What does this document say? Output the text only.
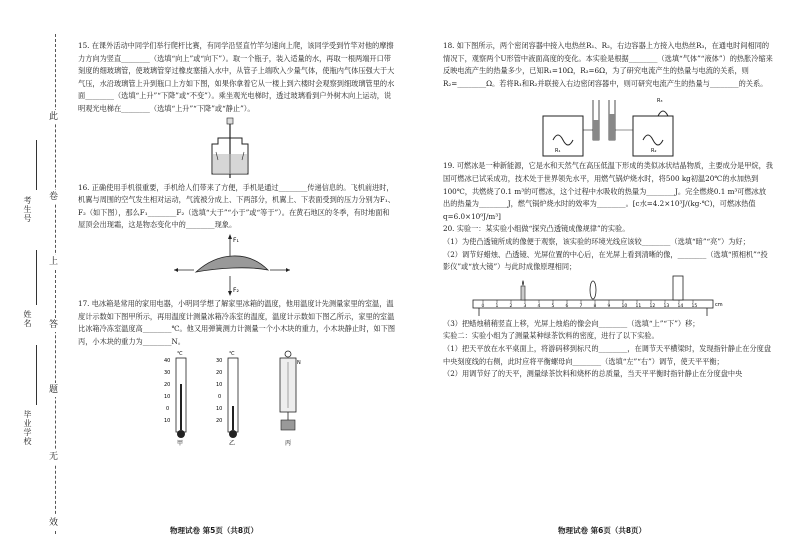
此
卷
上
答
题
无
效
考生号
姓名
毕业学校

15. 在课外活动中同学们举行爬杆比赛，有同学沿竖直竹竿匀速向上爬，该同学受到竹竿对他的摩擦力方向为竖直________（选填“向上”或“向下”）。取一个瓶子，装入适量的水，再取一根两端开口带刻度的细玻璃管，使玻璃管穿过橡皮塞插入水中，从管子上端吹入少量气体，使瓶内气体压强大于大气压，水沿玻璃管上升到瓶口上方如下图，如果你拿着它从一楼上到六楼时会观察到细玻璃管里的水面________（选填“上升”“下降”或“不变”）。乘坐观光电梯时，透过玻璃看到户外树木向上运动，说明观光电梯在________（选填“上升”“下降”或“静止”）。

16. 正确使用手机很重要，手机给人们带来了方便，手机是通过________传递信息的。飞机前进时，机翼与周围的空气发生相对运动，气流被分成上、下两部分，机翼上、下表面受到的压力分别为F₁、F₂（如下图），那么F₁________F₂（选填“大于”“小于”或“等于”）。在黄石地区的冬季，有时地面和屋顶会出现霜，这是物态变化中的________现象。

F₁
F₂

17. 电冰箱是常用的家用电器，小明同学想了解家里冰箱的温度，他用温度计先测量家里的室温，温度计示数如下图甲所示，再用温度计测量冰箱冷冻室的温度，温度计示数如下图乙所示，家里的室温比冰箱冷冻室温度高________℃。他又用弹簧测力计测量一个小木块的重力，小木块静止时，如下图丙，小木块的重力为________N。

40
30
20
10
0
10
℃
甲
30
20
10
0
10
20
℃
乙
N
丙
物理试卷 第5页（共8页）

18. 如下图所示，两个密闭容器中接入电热丝R₁、R₂，右边容器上方接入电热丝R₃，在通电时间相同的情况下，观察两个U形管中液面高度的变化。本实验是根据________（选填“气体”“液体”）的热胀冷缩来反映电流产生的热量多少，已知R₁=10Ω，R₃=6Ω，为了研究电流产生的热量与电流的关系，则R₂=________Ω。若将R₁和R₂并联接入右边密闭容器中，则可研究电流产生的热量与________的关系。

R₁	R₂
R₃

19. 可燃冰是一种新能源，它是水和天然气在高压低温下形成的类似冰状结晶物质，主要成分是甲烷，我国可燃冰已试采成功，技术处于世界领先水平，用燃气锅炉烧水时，将500 kg初温20℃的水加热到100℃，共燃烧了0.1 m³的可燃冰，这个过程中水吸收的热量为________J。完全燃烧0.1 m³可燃冰放出的热量为________J，燃气锅炉烧水时的效率为________。[c水=4.2×10³J/(kg·℃)，可燃冰热值q=6.0×10⁹J/m³]

20. 实验一：某实验小组做“探究凸透镜成像规律”的实验。

（1）为使凸透镜所成的像便于观察，该实验的环境光线应该较________（选填“暗”“亮”）为好；

（2）调节好蜡烛、凸透镜、光屏位置的中心后，在光屏上看到清晰的像，________（选填“照相机”“投影仪”或“放大镜”）与此时成像原理相同；

0 1 2 3 4 5 6 7 8 9 10 11 12 13 14 15	cm

（3）把蜡烛稍稍竖直上移，光屏上烛焰的像会向________（选填“上”“下”）移；

实验二：实验小组为了测量某种绿茶饮料的密度，进行了以下实验。

（1）把天平放在水平桌面上，将游码移到标尺的________，在调节天平横梁时，发现指针静止在分度盘中央刻度线的右侧，此时应将平衡螺母向________（选填“左”“右”）调节，使天平平衡；

（2）用调节好了的天平，测量绿茶饮料和烧杯的总质量，当天平平衡时指针静止在分度盘中央

物理试卷 第6页（共8页）
